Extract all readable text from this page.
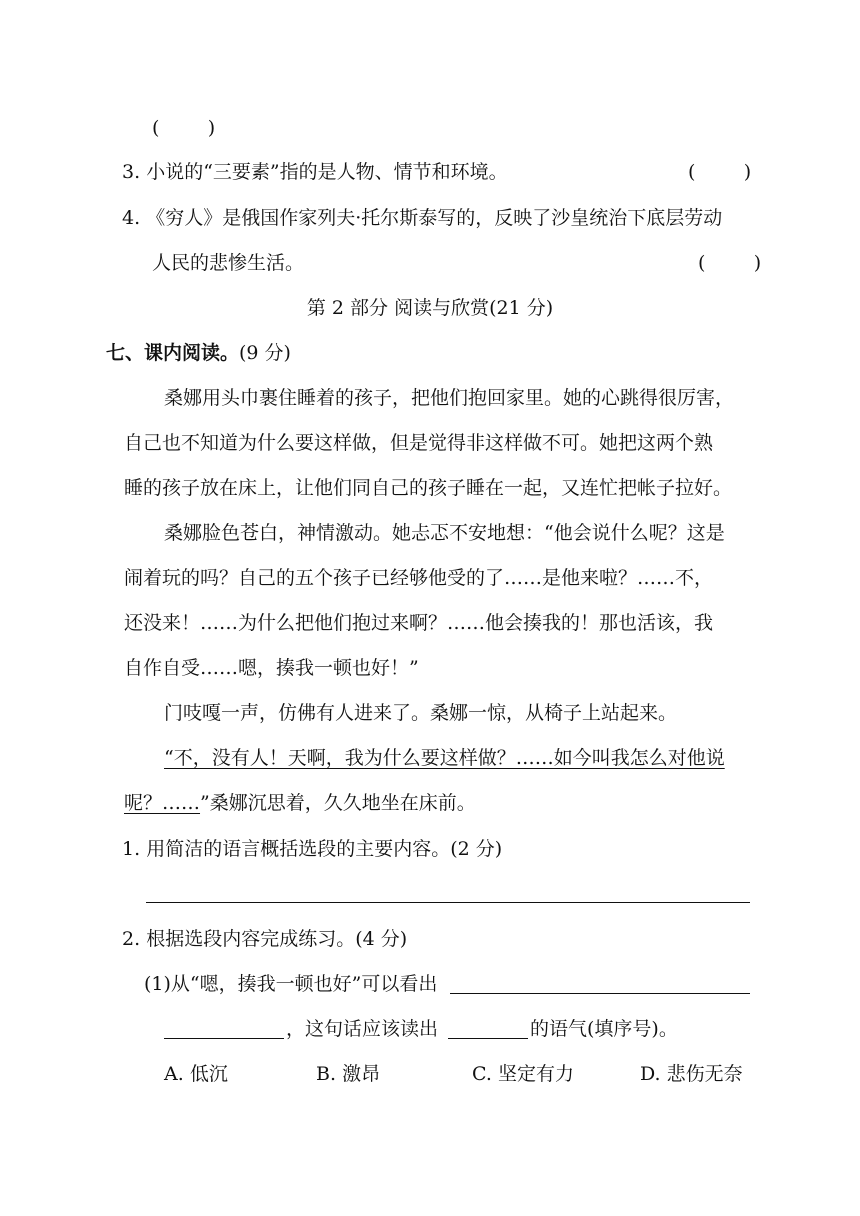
(        )
3. 小说的“三要素”指的是人物、情节和环境。	(        )
4. 《穷人》是俄国作家列夫·托尔斯泰写的，反映了沙皇统治下底层劳动
人民的悲惨生活。	(        )
第 2 部分 阅读与欣赏(21 分)
七、课内阅读。(9 分)
桑娜用头巾裹住睡着的孩子，把他们抱回家里。她的心跳得很厉害，
自己也不知道为什么要这样做，但是觉得非这样做不可。她把这两个熟
睡的孩子放在床上，让他们同自己的孩子睡在一起，又连忙把帐子拉好。
桑娜脸色苍白，神情激动。她忐忑不安地想：“他会说什么呢？这是
闹着玩的吗？自己的五个孩子已经够他受的了……是他来啦？……不，
还没来！……为什么把他们抱过来啊？……他会揍我的！那也活该，我
自作自受……嗯，揍我一顿也好！”
门吱嘎一声，仿佛有人进来了。桑娜一惊，从椅子上站起来。
“不，没有人！天啊，我为什么要这样做？……如今叫我怎么对他说
呢？……”桑娜沉思着，久久地坐在床前。
1. 用简洁的语言概括选段的主要内容。(2 分)
2. 根据选段内容完成练习。(4 分)
(1)从“嗯，揍我一顿也好”可以看出
，这句话应该读出	的语气(填序号)。
A. 低沉	B. 激昂	C. 坚定有力	D. 悲伤无奈
